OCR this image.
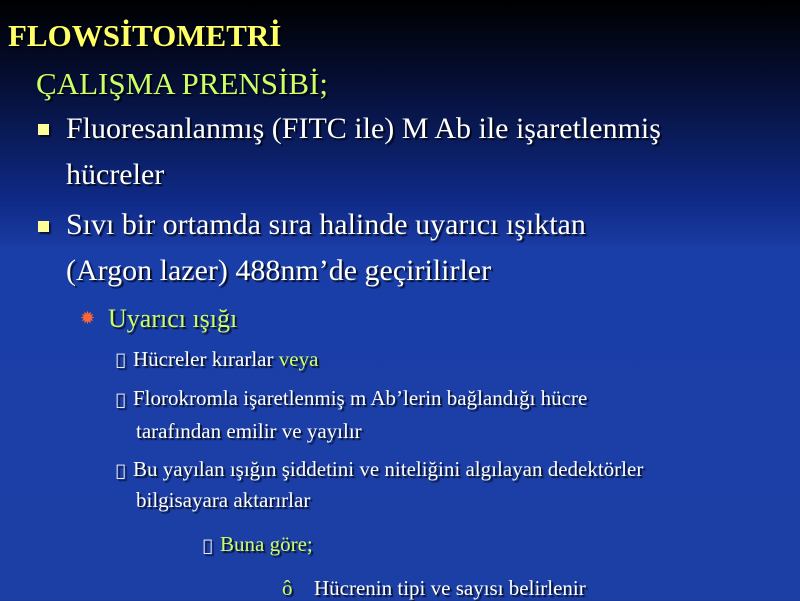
FLOWSİTOMETRİ
ÇALIŞMA PRENSİBİ;
Fluoresanlanmış (FITC ile) M Ab ile işaretlenmiş
hücreler
Sıvı bir ortamda sıra halinde uyarıcı ışıktan
(Argon lazer) 488nm’de geçirilirler
✹ Uyarıcı ışığı
Hücreler kırarlar veya
Florokromla işaretlenmiş m Ab’lerin bağlandığı hücre
tarafından emilir ve yayılır
Bu yayılan ışığın şiddetini ve niteliğini algılayan dedektörler
bilgisayara aktarırlar
Buna göre;
ô Hücrenin tipi ve sayısı belirlenir
